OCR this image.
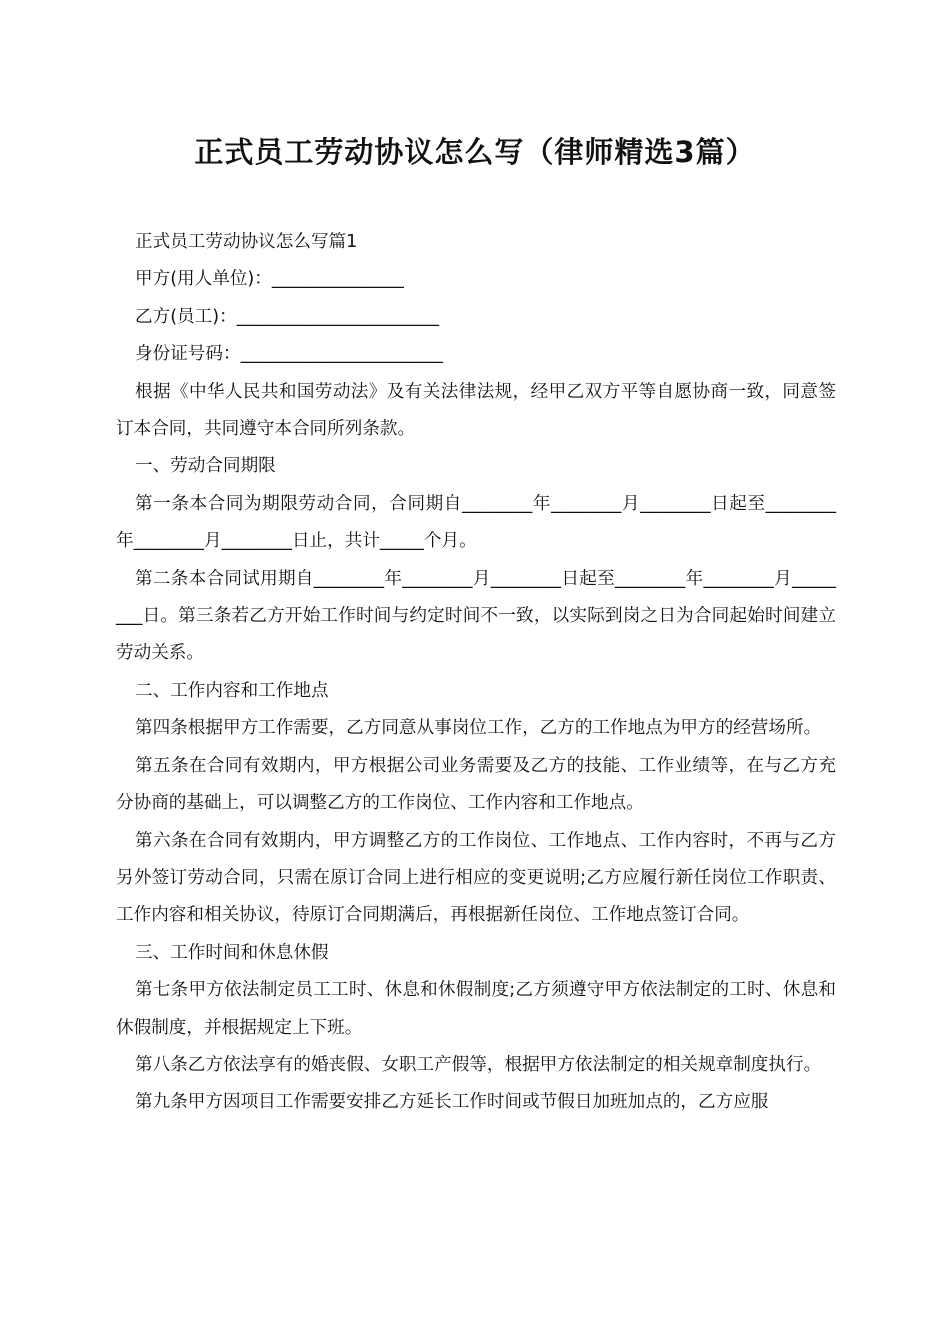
正式员工劳动协议怎么写（律师精选3篇）

正式员工劳动协议怎么写篇1

甲方(用人单位)：_______________

乙方(员工)：_______________________

身份证号码：_______________________

根据《中华人民共和国劳动法》及有关法律法规，经甲乙双方平等自愿协商一致，同意签订本合同，共同遵守本合同所列条款。

一、劳动合同期限

第一条本合同为期限劳动合同，合同期自________年________月________日起至________年________月________日止，共计_____个月。

第二条本合同试用期自________年________月________日起至________年________月________日。第三条若乙方开始工作时间与约定时间不一致，以实际到岗之日为合同起始时间建立劳动关系。

二、工作内容和工作地点

第四条根据甲方工作需要，乙方同意从事岗位工作，乙方的工作地点为甲方的经营场所。

第五条在合同有效期内，甲方根据公司业务需要及乙方的技能、工作业绩等，在与乙方充分协商的基础上，可以调整乙方的工作岗位、工作内容和工作地点。

第六条在合同有效期内，甲方调整乙方的工作岗位、工作地点、工作内容时，不再与乙方另外签订劳动合同，只需在原订合同上进行相应的变更说明;乙方应履行新任岗位工作职责、工作内容和相关协议，待原订合同期满后，再根据新任岗位、工作地点签订合同。

三、工作时间和休息休假

第七条甲方依法制定员工工时、休息和休假制度;乙方须遵守甲方依法制定的工时、休息和休假制度，并根据规定上下班。

第八条乙方依法享有的婚丧假、女职工产假等，根据甲方依法制定的相关规章制度执行。

第九条甲方因项目工作需要安排乙方延长工作时间或节假日加班加点的，乙方应服
